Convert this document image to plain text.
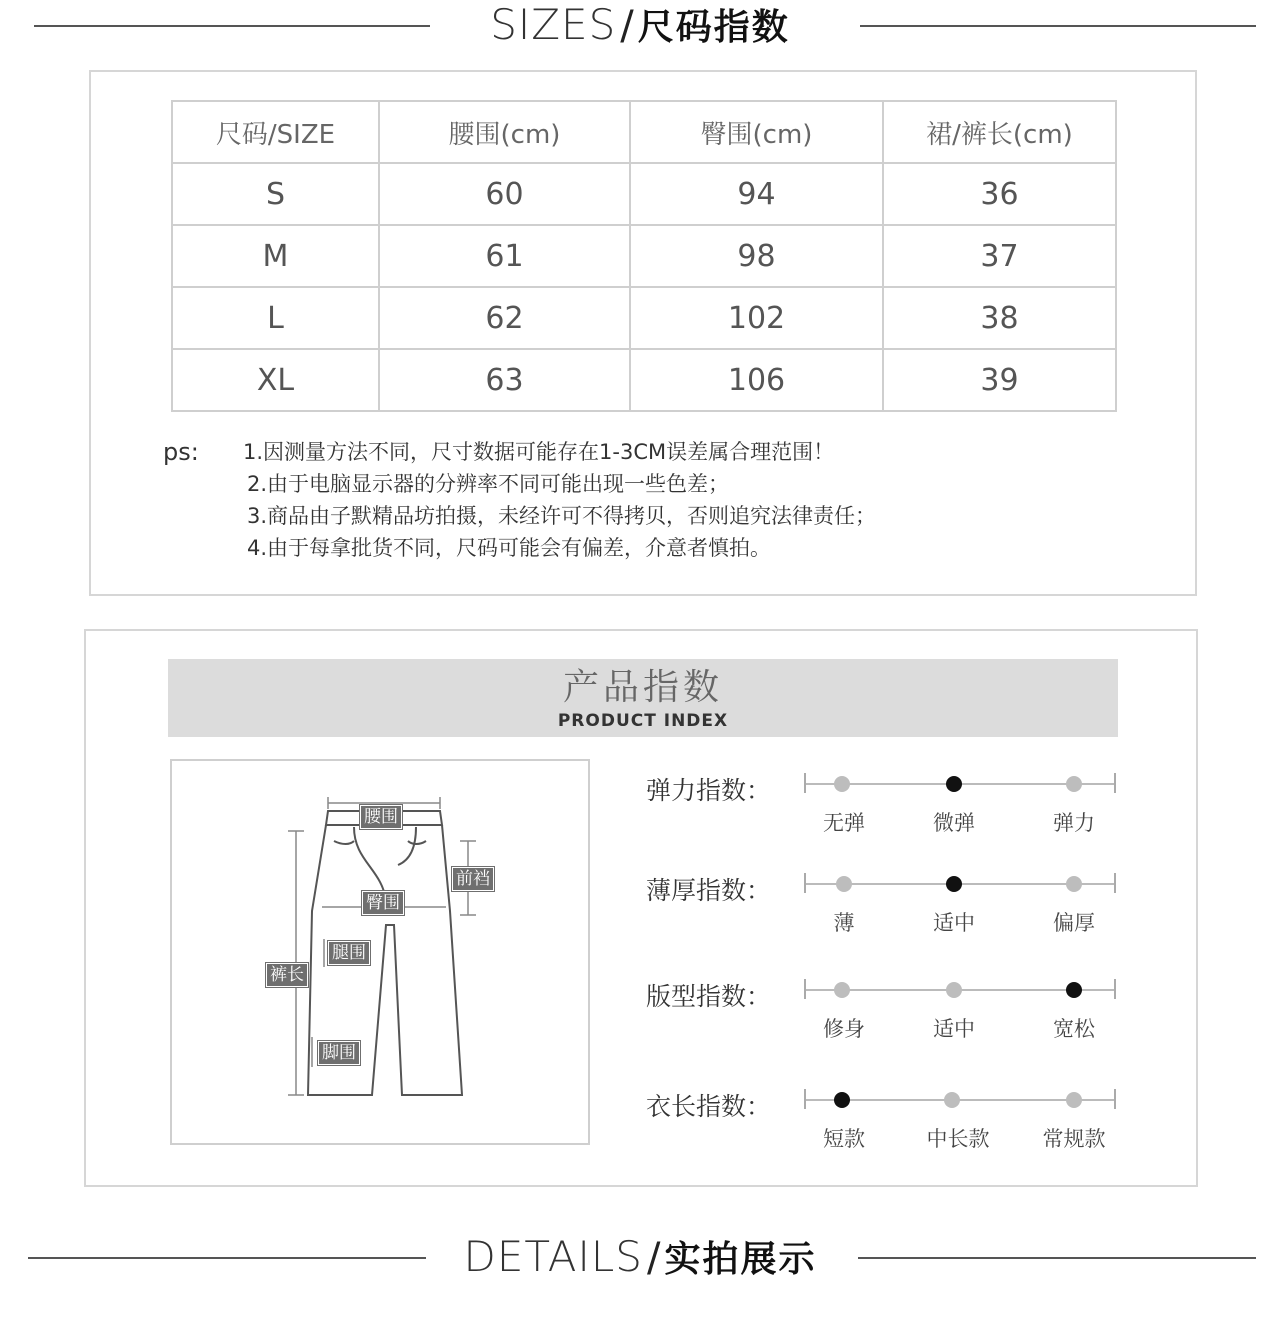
SIZES / 尺码指数
尺码/SIZE	腰围(cm)	臀围(cm)	裙/裤长(cm)
S	60	94	36
M	61	98	37
L	62	102	38
XL	63	106	39
ps: 1.因测量方法不同，尺寸数据可能存在1-3CM误差属合理范围！
2.由于电脑显示器的分辨率不同可能出现一些色差；
3.商品由子默精品坊拍摄，未经许可不得拷贝，否则追究法律责任；
4.由于每拿批货不同，尺码可能会有偏差，介意者慎拍。
产品指数
PRODUCT INDEX
腰围
前裆
臀围
腿围
裤长
脚围
弹力指数：
无弹	微弹	弹力
薄厚指数：
薄	适中	偏厚
版型指数：
修身	适中	宽松
衣长指数：
短款	中长款	常规款
DETAILS / 实拍展示
